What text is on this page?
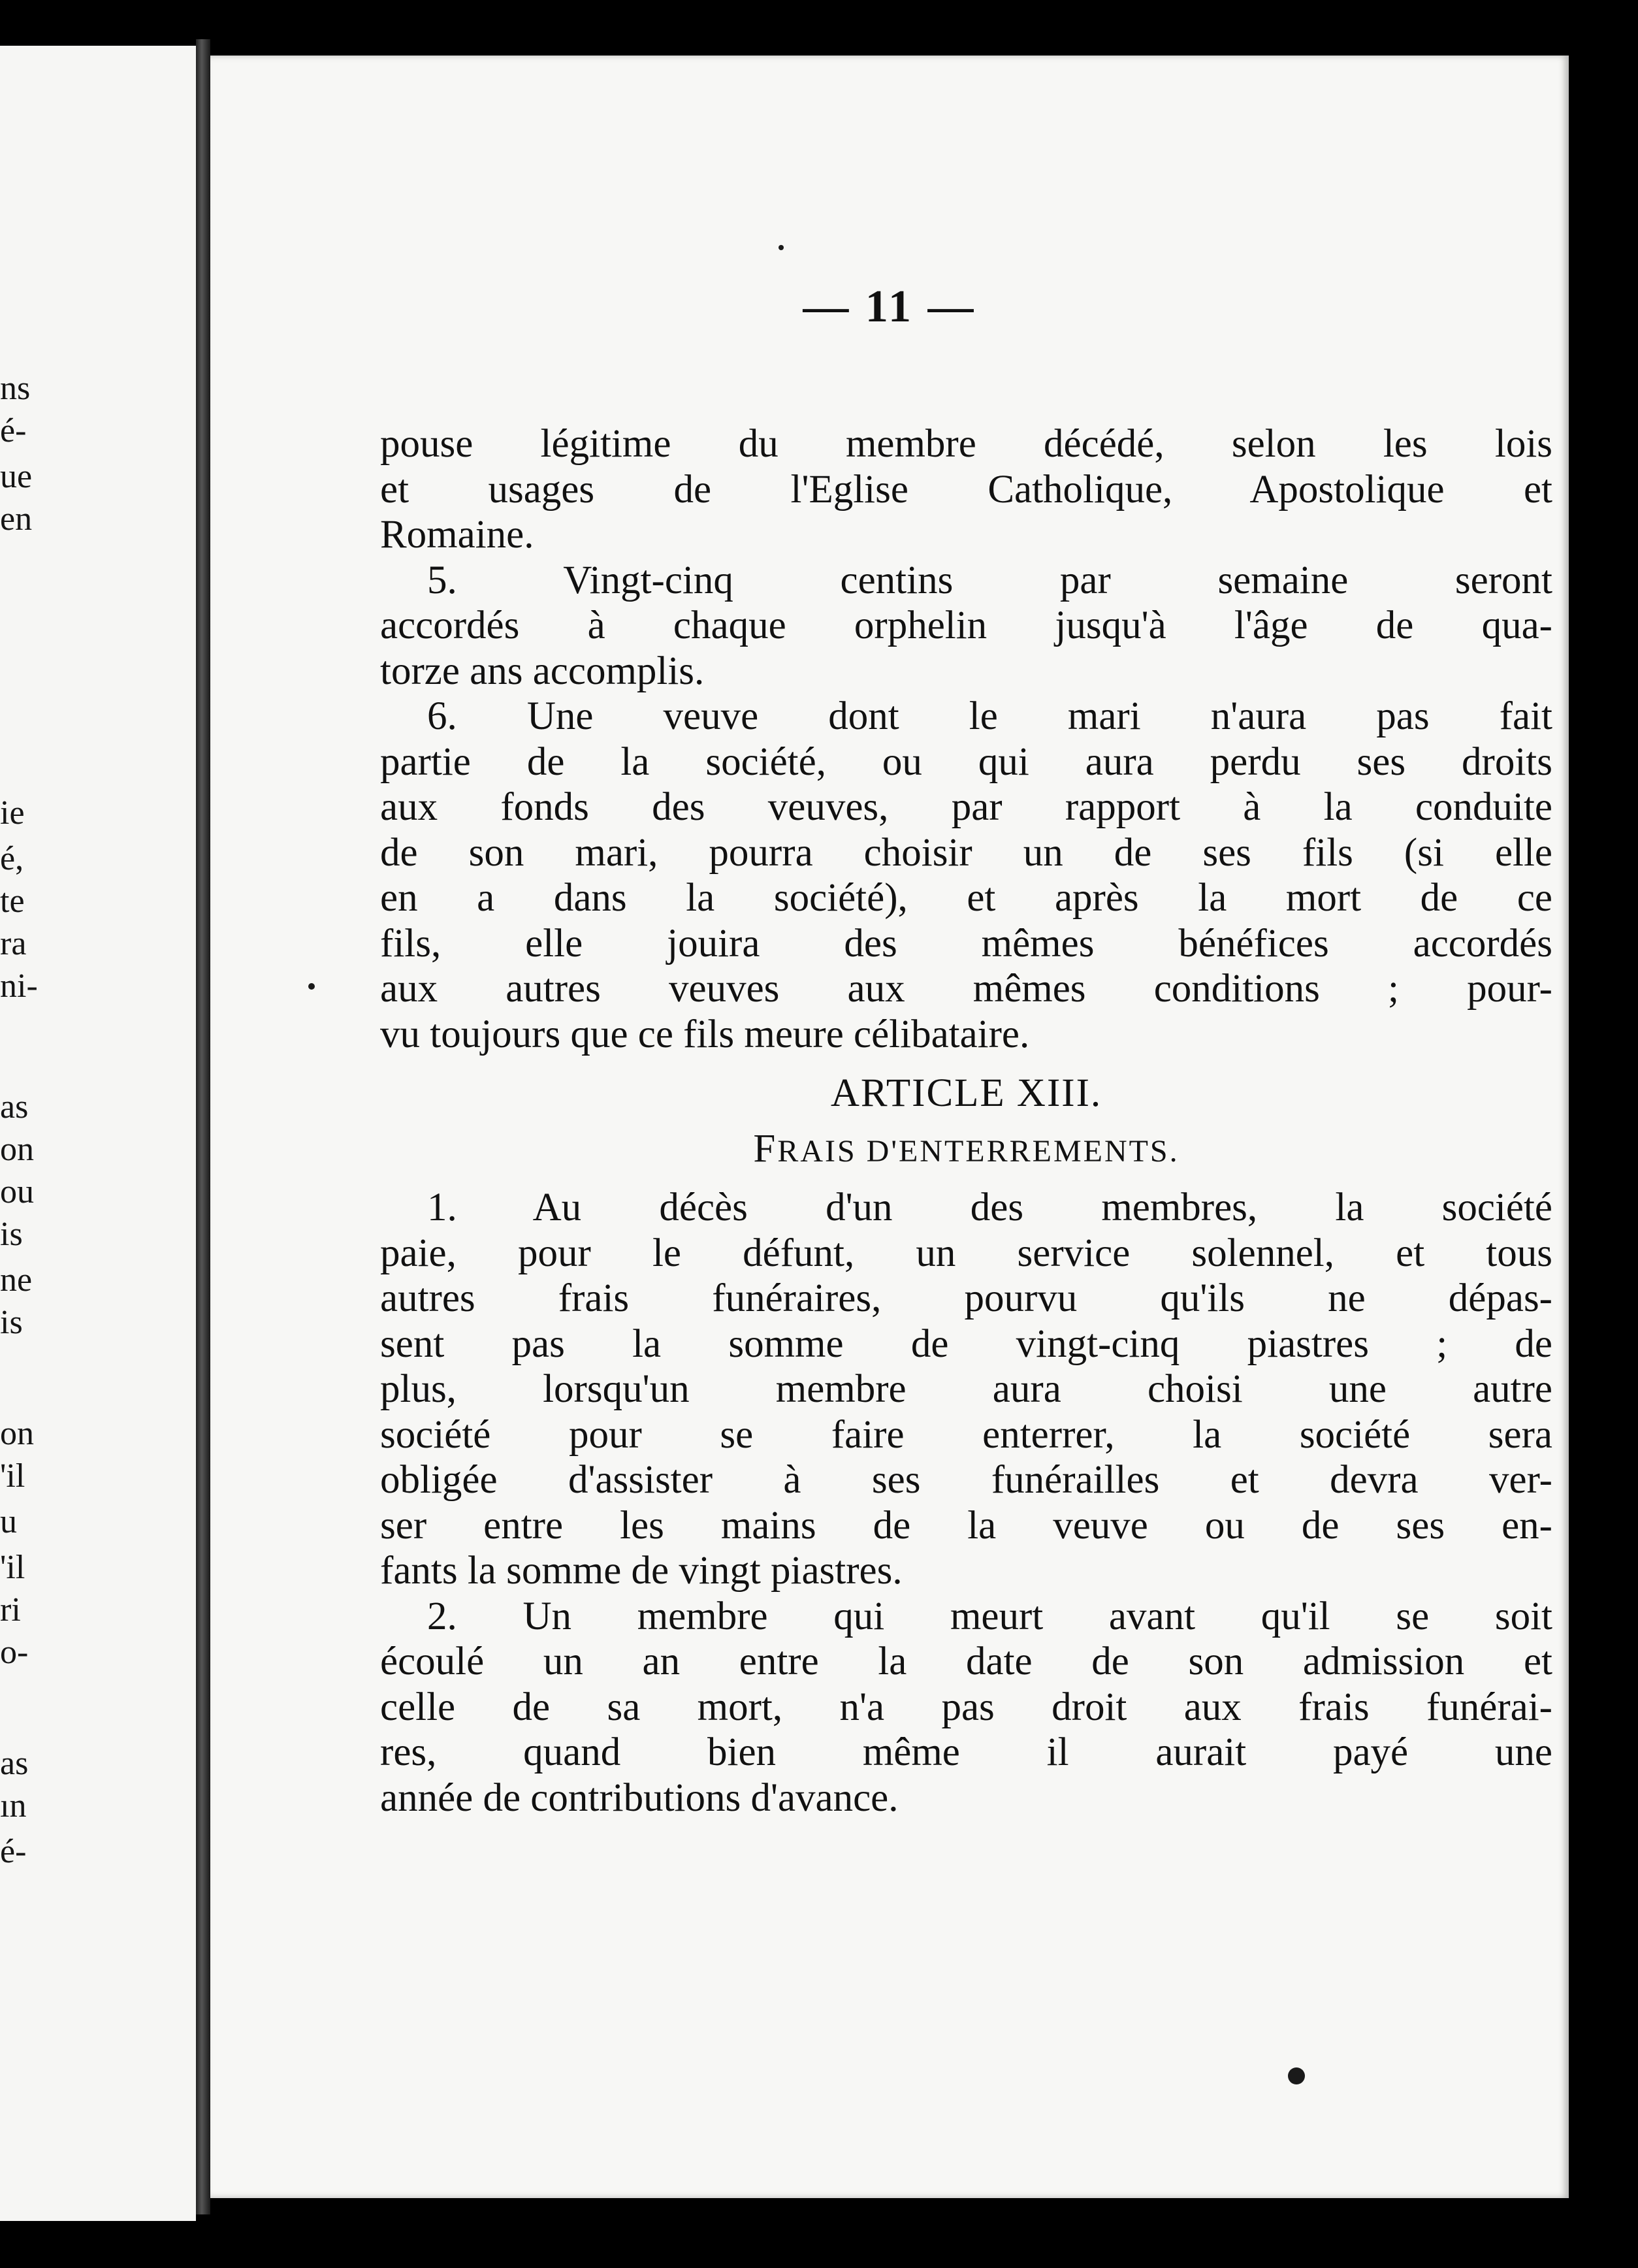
ns
é-
ue
en
ie
é,
te
ra
ni-
as
on
ou
is
ne
is
on
'il
u
'il
ri
o-
as
ın
é-
— 11 —
pouse légitime du membre décédé, selon les lois
et usages de l'Eglise Catholique, Apostolique et
Romaine.
5. Vingt-cinq centins par semaine seront
accordés à chaque orphelin jusqu'à l'âge de qua-
torze ans accomplis.
6. Une veuve dont le mari n'aura pas fait
partie de la société, ou qui aura perdu ses droits
aux fonds des veuves, par rapport à la conduite
de son mari, pourra choisir un de ses fils (si elle
en a dans la société), et après la mort de ce
fils, elle jouira des mêmes bénéfices accordés
aux autres veuves aux mêmes conditions ; pour-
vu toujours que ce fils meure célibataire.
ARTICLE XIII.
FRAIS D'ENTERREMENTS.
1. Au décès d'un des membres, la société
paie, pour le défunt, un service solennel, et tous
autres frais funéraires, pourvu qu'ils ne dépas-
sent pas la somme de vingt-cinq piastres ; de
plus, lorsqu'un membre aura choisi une autre
société pour se faire enterrer, la société sera
obligée d'assister à ses funérailles et devra ver-
ser entre les mains de la veuve ou de ses en-
fants la somme de vingt piastres.
2. Un membre qui meurt avant qu'il se soit
écoulé un an entre la date de son admission et
celle de sa mort, n'a pas droit aux frais funérai-
res, quand bien même il aurait payé une
année de contributions d'avance.
